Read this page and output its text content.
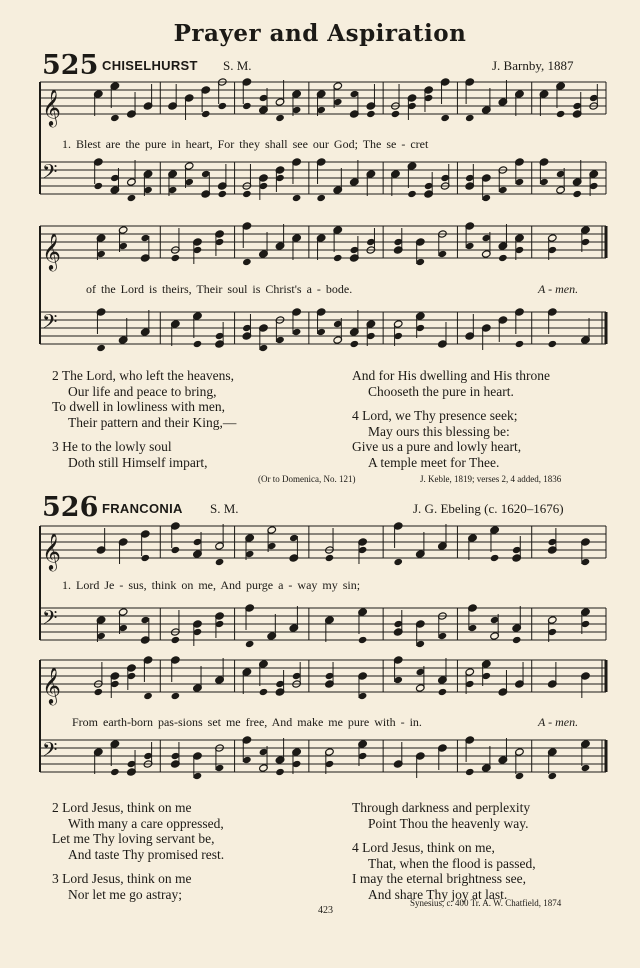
Prayer and Aspiration
525 CHISELHURST S. M.	J. Barnby, 1887
526 FRANCONIA S. M.	J. G. Ebeling (c. 1620–1676)
𝄞
𝄢
𝄞
𝄢
𝄞
𝄢
𝄞
𝄢
1. Blest are the pure in heart, For they shall see our God; The se - cret
of the Lord is theirs, Their soul is Christ's a - bode.	A - men.
1. Lord Je - sus, think on me, And purge a - way my sin;
From earth-born pas-sions set me free, And make me pure with - in.	A - men.
2 The Lord, who left the heavens,
Our life and peace to bring,
To dwell in lowliness with men,
Their pattern and their King,—
3 He to the lowly soul
Doth still Himself impart,
And for His dwelling and His throne
Chooseth the pure in heart.
4 Lord, we Thy presence seek;
May ours this blessing be:
Give us a pure and lowly heart,
A temple meet for Thee.
(Or to Domenica, No. 121)	J. Keble, 1819; verses 2, 4 added, 1836
2 Lord Jesus, think on me
With many a care oppressed,
Let me Thy loving servant be,
And taste Thy promised rest.
3 Lord Jesus, think on me
Nor let me go astray;
Through darkness and perplexity
Point Thou the heavenly way.
4 Lord Jesus, think on me,
That, when the flood is passed,
I may the eternal brightness see,
And share Thy joy at last.
Synesius, c. 400 Tr. A. W. Chatfield, 1874
423
